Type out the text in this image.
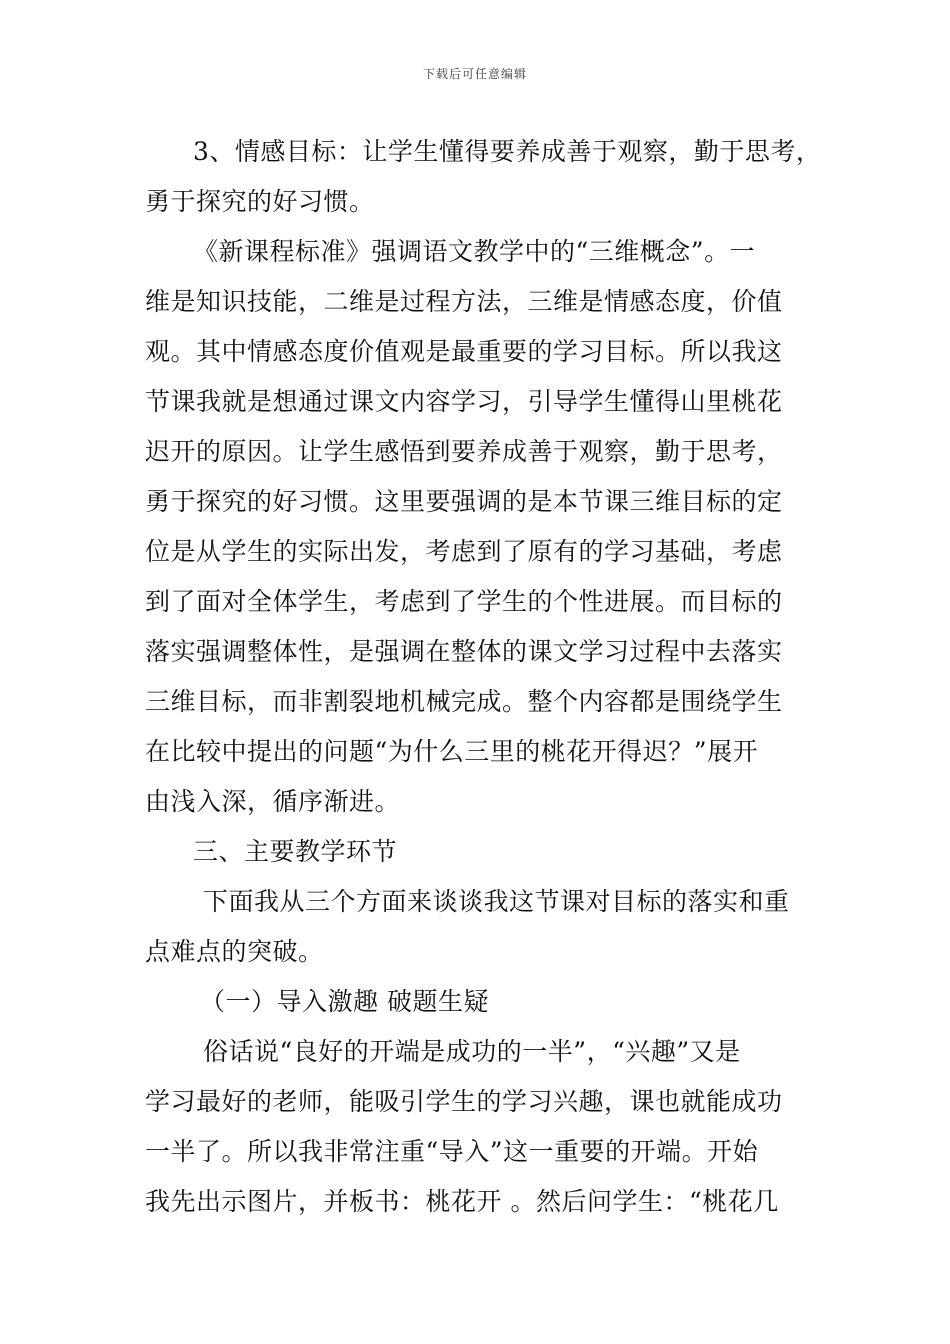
下载后可任意编辑
3、情感目标：让学生懂得要养成善于观察，勤于思考，
勇于探究的好习惯。
《新课程标准》强调语文教学中的“三维概念”。一
维是知识技能，二维是过程方法，三维是情感态度，价值
观。其中情感态度价值观是最重要的学习目标。所以我这
节课我就是想通过课文内容学习，引导学生懂得山里桃花
迟开的原因。让学生感悟到要养成善于观察，勤于思考，
勇于探究的好习惯。这里要强调的是本节课三维目标的定
位是从学生的实际出发，考虑到了原有的学习基础，考虑
到了面对全体学生，考虑到了学生的个性进展。而目标的
落实强调整体性，是强调在整体的课文学习过程中去落实
三维目标，而非割裂地机械完成。整个内容都是围绕学生
在比较中提出的问题“为什么三里的桃花开得迟？”展开
由浅入深，循序渐进。
三、主要教学环节
下面我从三个方面来谈谈我这节课对目标的落实和重
点难点的突破。
（一）导入激趣 破题生疑
俗话说“良好的开端是成功的一半”，“兴趣”又是
学习最好的老师，能吸引学生的学习兴趣，课也就能成功
一半了。所以我非常注重“导入”这一重要的开端。开始
我先出示图片，并板书：桃花开 。然后问学生：“桃花几
